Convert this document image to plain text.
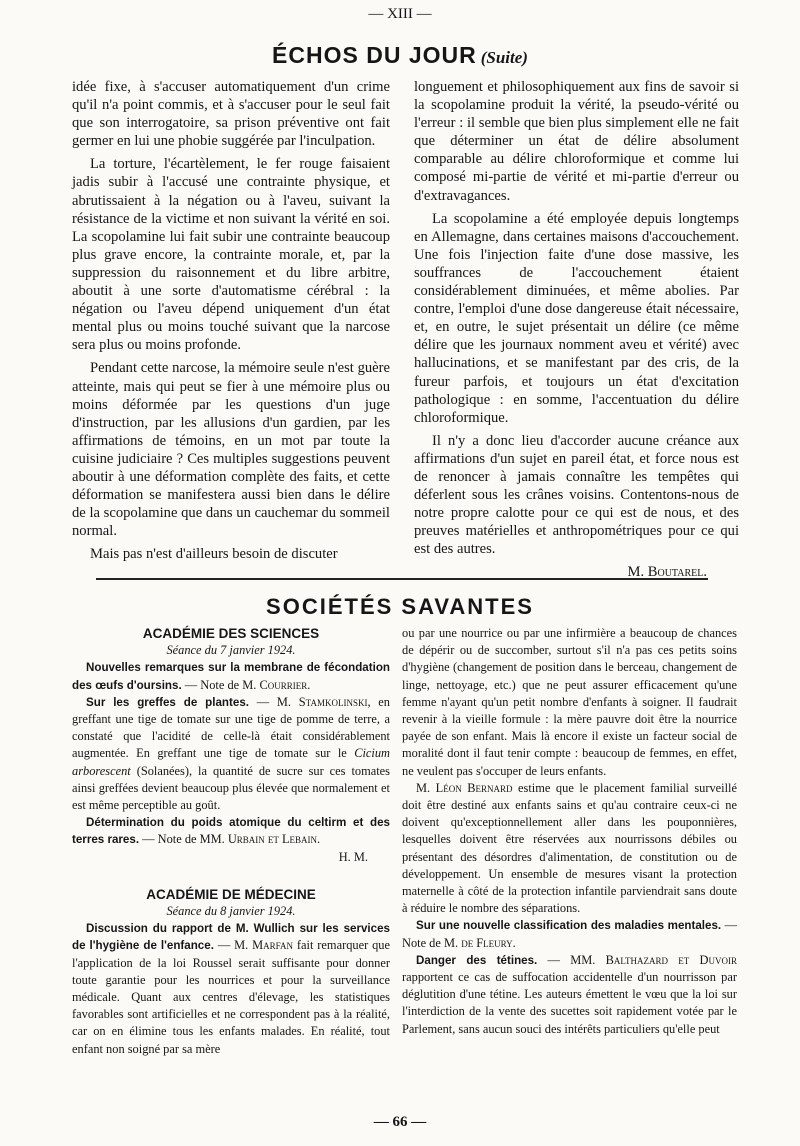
— XIII —
ÉCHOS DU JOUR (Suite)

idée fixe, à s'accuser automatiquement d'un crime qu'il n'a point commis, et à s'accuser pour le seul fait que son interrogatoire, sa prison préventive ont fait germer en lui une phobie suggérée par l'inculpation.

La torture, l'écartèlement, le fer rouge faisaient jadis subir à l'accusé une contrainte physique, et abrutissaient à la négation ou à l'aveu, suivant la résistance de la victime et non suivant la vérité en soi. La scopolamine lui fait subir une contrainte beaucoup plus grave encore, la contrainte morale, et, par la suppression du raisonnement et du libre arbitre, aboutit à une sorte d'automatisme cérébral : la négation ou l'aveu dépend uniquement d'un état mental plus ou moins touché suivant que la narcose sera plus ou moins profonde.

Pendant cette narcose, la mémoire seule n'est guère atteinte, mais qui peut se fier à une mémoire plus ou moins déformée par les questions d'un juge d'instruction, par les allusions d'un gardien, par les affirmations de témoins, en un mot par toute la cuisine judiciaire ? Ces multiples suggestions peuvent aboutir à une déformation complète des faits, et cette déformation se manifestera aussi bien dans le délire de la scopolamine que dans un cauchemar du sommeil normal.

Mais pas n'est d'ailleurs besoin de discuter

longuement et philosophiquement aux fins de savoir si la scopolamine produit la vérité, la pseudo-vérité ou l'erreur : il semble que bien plus simplement elle ne fait que déterminer un état de délire absolument comparable au délire chloroformique et comme lui composé mi-partie de vérité et mi-partie d'erreur ou d'extravagances.

La scopolamine a été employée depuis longtemps en Allemagne, dans certaines maisons d'accouchement. Une fois l'injection faite d'une dose massive, les souffrances de l'accouchement étaient considérablement diminuées, et même abolies. Par contre, l'emploi d'une dose dangereuse était nécessaire, et, en outre, le sujet présentait un délire (ce même délire que les journaux nomment aveu et vérité) avec hallucinations, et se manifestant par des cris, de la fureur parfois, et toujours un état d'excitation pathologique : en somme, l'accentuation du délire chloroformique.

Il n'y a donc lieu d'accorder aucune créance aux affirmations d'un sujet en pareil état, et force nous est de renoncer à jamais connaître les tempêtes qui déferlent sous les crânes voisins. Contentons-nous de notre propre calotte pour ce qui est de nous, et des preuves matérielles et anthropométriques pour ce qui est des autres.

M. Boutarel.

SOCIÉTÉS SAVANTES

ACADÉMIE DES SCIENCES

Séance du 7 janvier 1924.

Nouvelles remarques sur la membrane de fécondation des œufs d'oursins. — Note de M. Courrier.

Sur les greffes de plantes. — M. Stamkolinski, en greffant une tige de tomate sur une tige de pomme de terre, a constaté que l'acidité de celle-là était considérablement augmentée. En greffant une tige de tomate sur le Cicium arborescent (Solanées), la quantité de sucre sur ces tomates ainsi greffées devient beaucoup plus élevée que normalement et est même perceptible au goût.

Détermination du poids atomique du celtirm et des terres rares. — Note de MM. Urbain et Lebain.

H. M.

ACADÉMIE DE MÉDECINE

Séance du 8 janvier 1924.

Discussion du rapport de M. Wullich sur les services de l'hygiène de l'enfance. — M. Marfan fait remarquer que l'application de la loi Roussel serait suffisante pour donner toute garantie pour les nourrices et pour la surveillance médicale. Quant aux centres d'élevage, les statistiques favorables sont artificielles et ne correspondent pas à la réalité, car on en élimine tous les enfants malades. En réalité, tout enfant non soigné par sa mère

ou par une nourrice ou par une infirmière a beaucoup de chances de dépérir ou de succomber, surtout s'il n'a pas ces petits soins d'hygiène (changement de position dans le berceau, changement de linge, nettoyage, etc.) que ne peut assurer efficacement qu'une femme n'ayant qu'un petit nombre d'enfants à soigner. Il faudrait revenir à la vieille formule : la mère pauvre doit être la nourrice payée de son enfant. Mais là encore il existe un facteur social de moralité dont il faut tenir compte : beaucoup de femmes, en effet, ne veulent pas s'occuper de leurs enfants.

M. Léon Bernard estime que le placement familial surveillé doit être destiné aux enfants sains et qu'au contraire ceux-ci ne doivent qu'exceptionnellement aller dans les pouponnières, lesquelles doivent être réservées aux nourrissons débiles ou présentant des désordres d'alimentation, de constitution ou de développement. Un ensemble de mesures visant la protection maternelle à côté de la protection infantile parviendrait sans doute à réduire le nombre des séparations.

Sur une nouvelle classification des maladies mentales. — Note de M. de Fleury.

Danger des tétines. — MM. Balthazard et Duvoir rapportent ce cas de suffocation accidentelle d'un nourrisson par déglutition d'une tétine. Les auteurs émettent le vœu que la loi sur l'interdiction de la vente des sucettes soit rapidement votée par le Parlement, sans aucun souci des intérêts particuliers qu'elle peut

— 66 —
